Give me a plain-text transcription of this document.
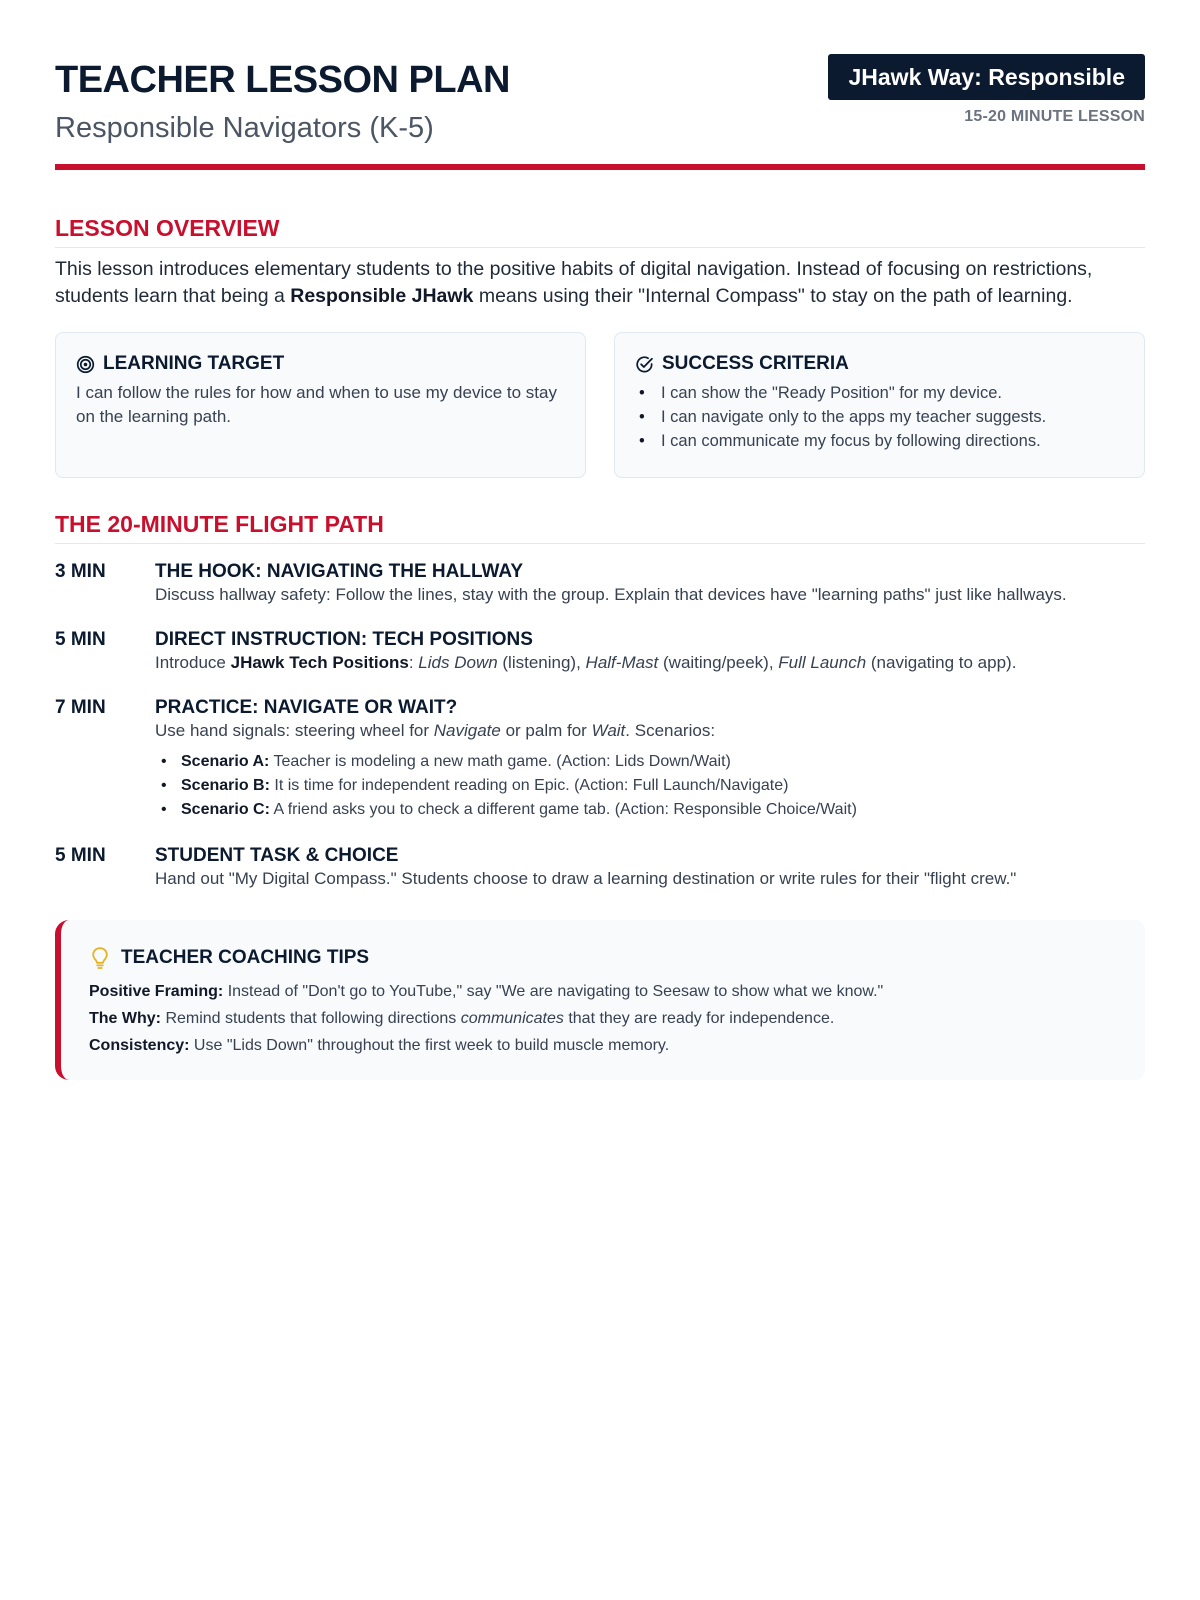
TEACHER LESSON PLAN
Responsible Navigators (K-5)
JHawk Way: Responsible
15-20 MINUTE LESSON
LESSON OVERVIEW

This lesson introduces elementary students to the positive habits of digital navigation. Instead of focusing on restrictions, students learn that being a Responsible JHawk means using their "Internal Compass" to stay on the path of learning.

LEARNING TARGET
I can follow the rules for how and when to use my device to stay on the learning path.
SUCCESS CRITERIA
• I can show the "Ready Position" for my device.
• I can navigate only to the apps my teacher suggests.
• I can communicate my focus by following directions.
THE 20-MINUTE FLIGHT PATH
3 MIN	THE HOOK: NAVIGATING THE HALLWAY
Discuss hallway safety: Follow the lines, stay with the group. Explain that devices have "learning paths" just like hallways.
5 MIN	DIRECT INSTRUCTION: TECH POSITIONS
Introduce JHawk Tech Positions: Lids Down (listening), Half-Mast (waiting/peek), Full Launch (navigating to app).
7 MIN	PRACTICE: NAVIGATE OR WAIT?
Use hand signals: steering wheel for Navigate or palm for Wait. Scenarios:
• Scenario A: Teacher is modeling a new math game. (Action: Lids Down/Wait)
• Scenario B: It is time for independent reading on Epic. (Action: Full Launch/Navigate)
• Scenario C: A friend asks you to check a different game tab. (Action: Responsible Choice/Wait)
5 MIN	STUDENT TASK & CHOICE
Hand out "My Digital Compass." Students choose to draw a learning destination or write rules for their "flight crew."
TEACHER COACHING TIPS
Positive Framing: Instead of "Don't go to YouTube," say "We are navigating to Seesaw to show what we know."
The Why: Remind students that following directions communicates that they are ready for independence.
Consistency: Use "Lids Down" throughout the first week to build muscle memory.
